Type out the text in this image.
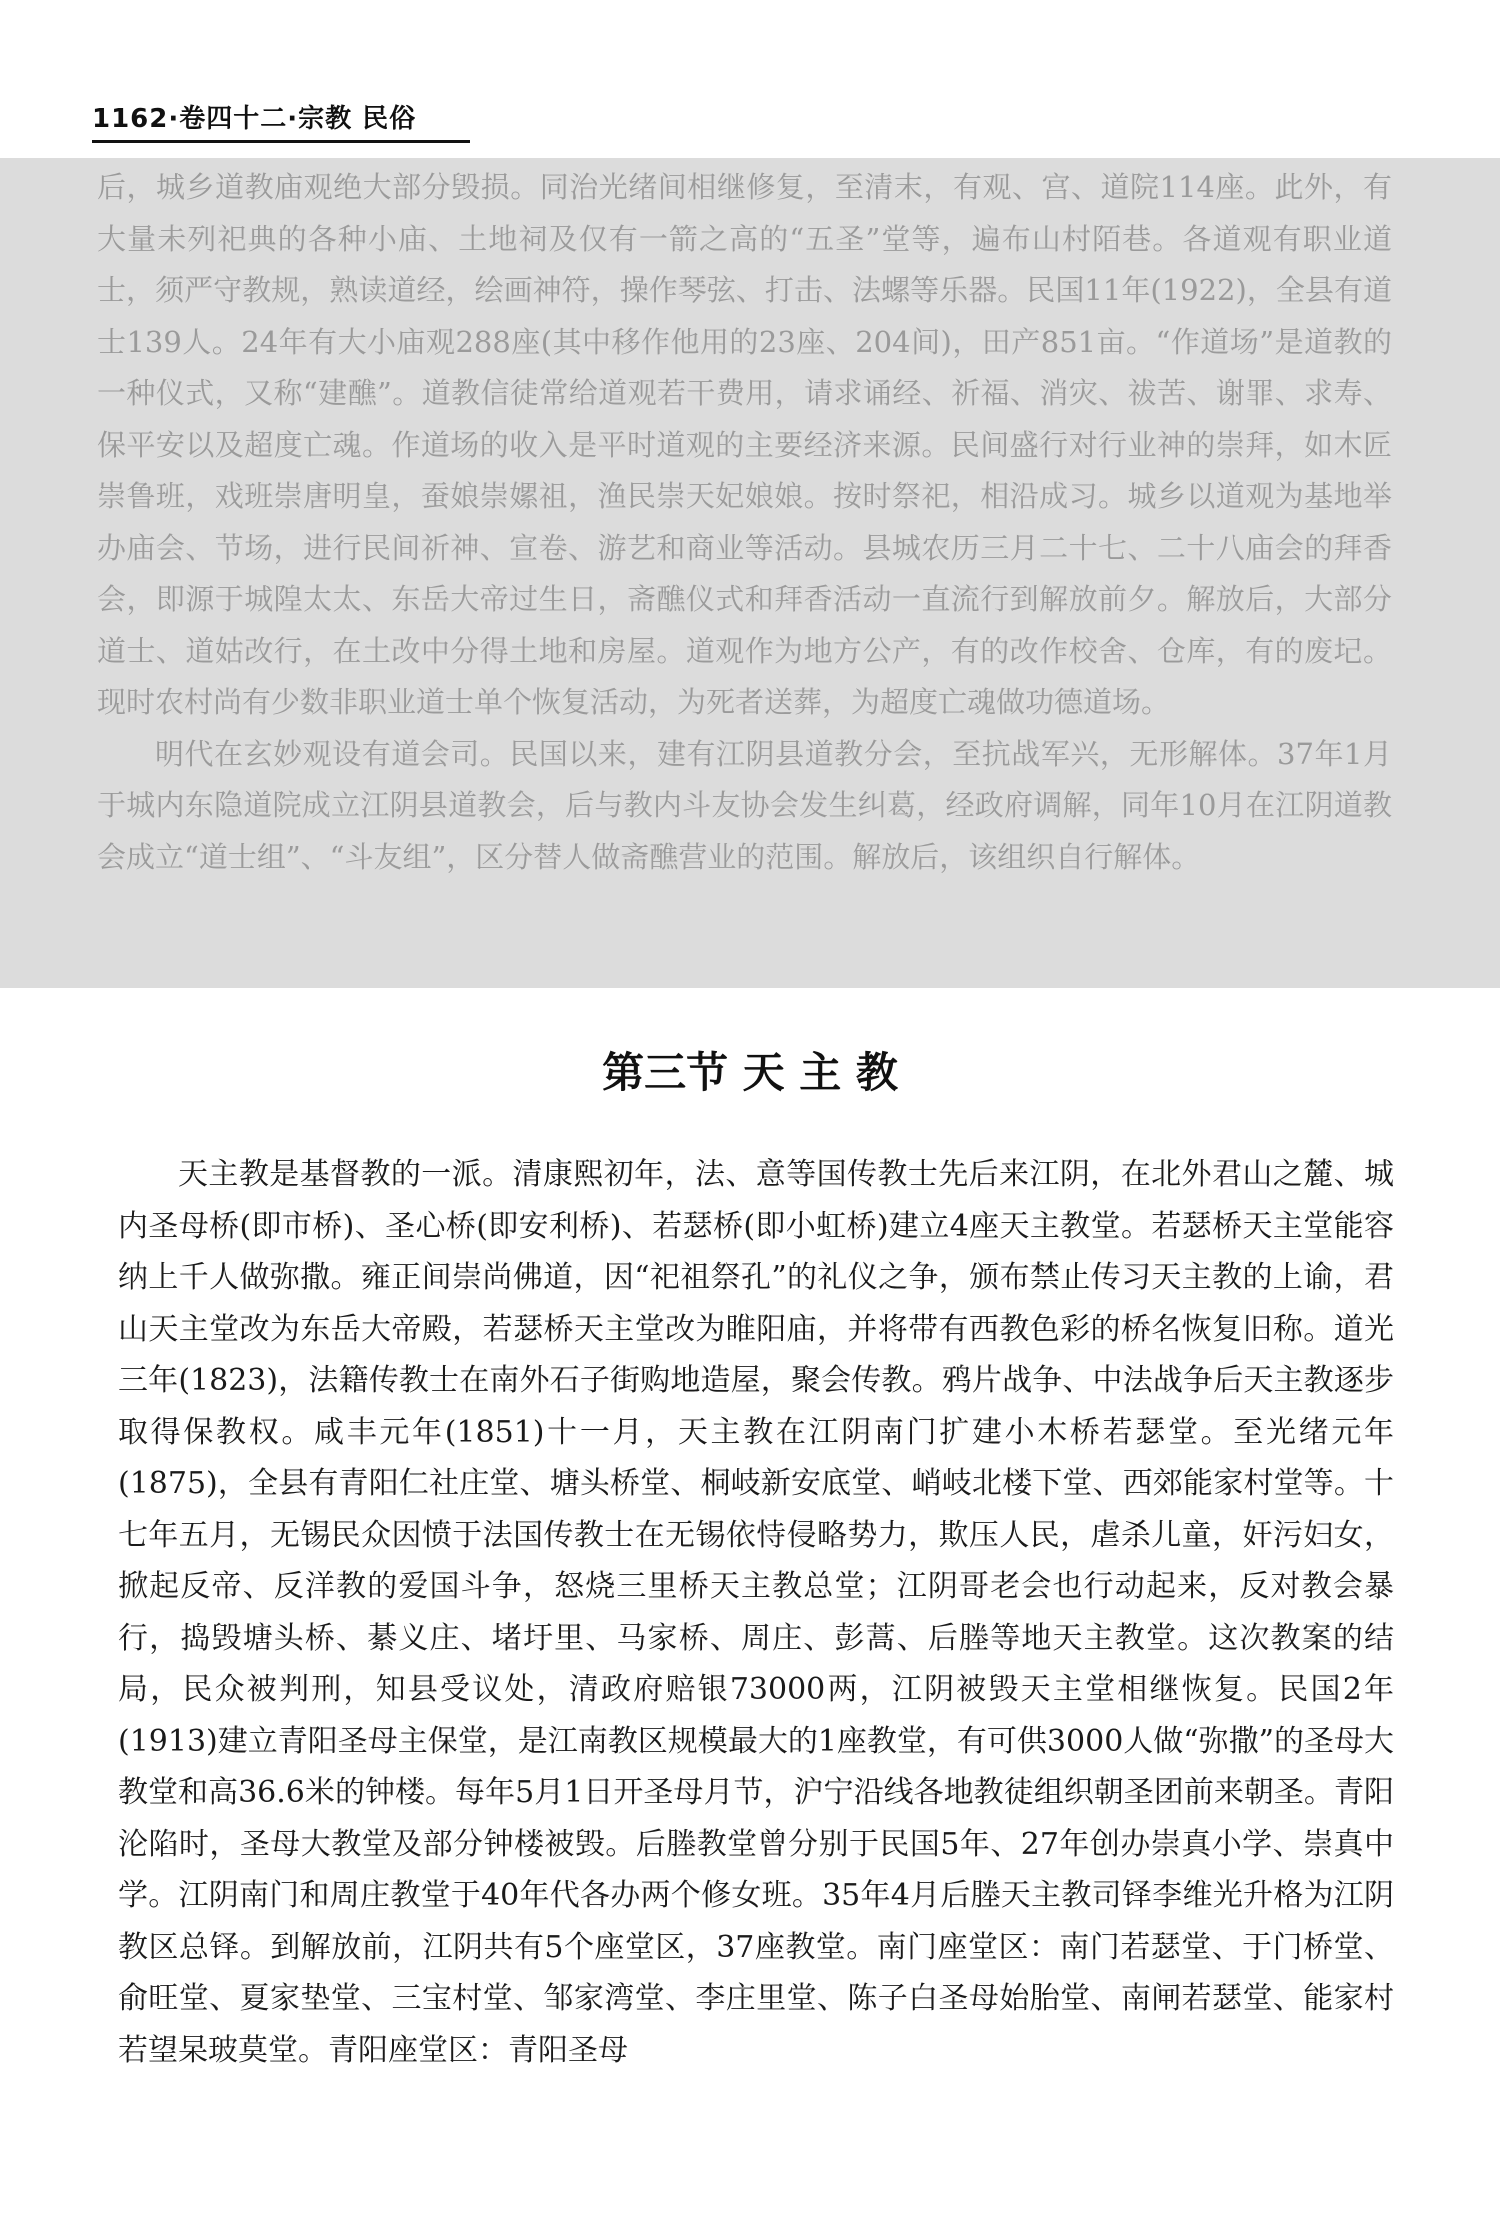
1162·卷四十二·宗教 民俗

后，城乡道教庙观绝大部分毁损。同治光绪间相继修复，至清末，有观、宫、道院114座。此外，有大量未列祀典的各种小庙、土地祠及仅有一箭之高的“五圣”堂等，遍布山村陌巷。各道观有职业道士，须严守教规，熟读道经，绘画神符，操作琴弦、打击、法螺等乐器。民国11年(1922)，全县有道士139人。24年有大小庙观288座(其中移作他用的23座、204间)，田产851亩。“作道场”是道教的一种仪式，又称“建醮”。道教信徒常给道观若干费用，请求诵经、祈福、消灾、祓苦、谢罪、求寿、保平安以及超度亡魂。作道场的收入是平时道观的主要经济来源。民间盛行对行业神的崇拜，如木匠崇鲁班，戏班崇唐明皇，蚕娘崇嫘祖，渔民崇天妃娘娘。按时祭祀，相沿成习。城乡以道观为基地举办庙会、节场，进行民间祈神、宣卷、游艺和商业等活动。县城农历三月二十七、二十八庙会的拜香会，即源于城隍太太、东岳大帝过生日，斋醮仪式和拜香活动一直流行到解放前夕。解放后，大部分道士、道姑改行，在土改中分得土地和房屋。道观作为地方公产，有的改作校舍、仓库，有的废圮。现时农村尚有少数非职业道士单个恢复活动，为死者送葬，为超度亡魂做功德道场。

明代在玄妙观设有道会司。民国以来，建有江阴县道教分会，至抗战军兴，无形解体。37年1月于城内东隐道院成立江阴县道教会，后与教内斗友协会发生纠葛，经政府调解，同年10月在江阴道教会成立“道士组”、“斗友组”，区分替人做斋醮营业的范围。解放后，该组织自行解体。

第三节 天 主 教

天主教是基督教的一派。清康熙初年，法、意等国传教士先后来江阴，在北外君山之麓、城内圣母桥(即市桥)、圣心桥(即安利桥)、若瑟桥(即小虹桥)建立4座天主教堂。若瑟桥天主堂能容纳上千人做弥撒。雍正间崇尚佛道，因“祀祖祭孔”的礼仪之争，颁布禁止传习天主教的上谕，君山天主堂改为东岳大帝殿，若瑟桥天主堂改为睢阳庙，并将带有西教色彩的桥名恢复旧称。道光三年(1823)，法籍传教士在南外石子街购地造屋，聚会传教。鸦片战争、中法战争后天主教逐步取得保教权。咸丰元年(1851)十一月，天主教在江阴南门扩建小木桥若瑟堂。至光绪元年(1875)，全县有青阳仁社庄堂、塘头桥堂、桐岐新安底堂、峭岐北楼下堂、西郊能家村堂等。十七年五月，无锡民众因愤于法国传教士在无锡依恃侵略势力，欺压人民，虐杀儿童，奸污妇女，掀起反帝、反洋教的爱国斗争，怒烧三里桥天主教总堂；江阴哥老会也行动起来，反对教会暴行，捣毁塘头桥、綦义庄、堵圩里、马家桥、周庄、彭蒿、后塍等地天主教堂。这次教案的结局，民众被判刑，知县受议处，清政府赔银73000两，江阴被毁天主堂相继恢复。民国2年(1913)建立青阳圣母主保堂，是江南教区规模最大的1座教堂，有可供3000人做“弥撒”的圣母大教堂和高36.6米的钟楼。每年5月1日开圣母月节，沪宁沿线各地教徒组织朝圣团前来朝圣。青阳沦陷时，圣母大教堂及部分钟楼被毁。后塍教堂曾分别于民国5年、27年创办崇真小学、崇真中学。江阴南门和周庄教堂于40年代各办两个修女班。35年4月后塍天主教司铎李维光升格为江阴教区总铎。到解放前，江阴共有5个座堂区，37座教堂。南门座堂区：南门若瑟堂、于门桥堂、俞旺堂、夏家垫堂、三宝村堂、邹家湾堂、李庄里堂、陈子白圣母始胎堂、南闸若瑟堂、能家村若望杲玻莫堂。青阳座堂区：青阳圣母
